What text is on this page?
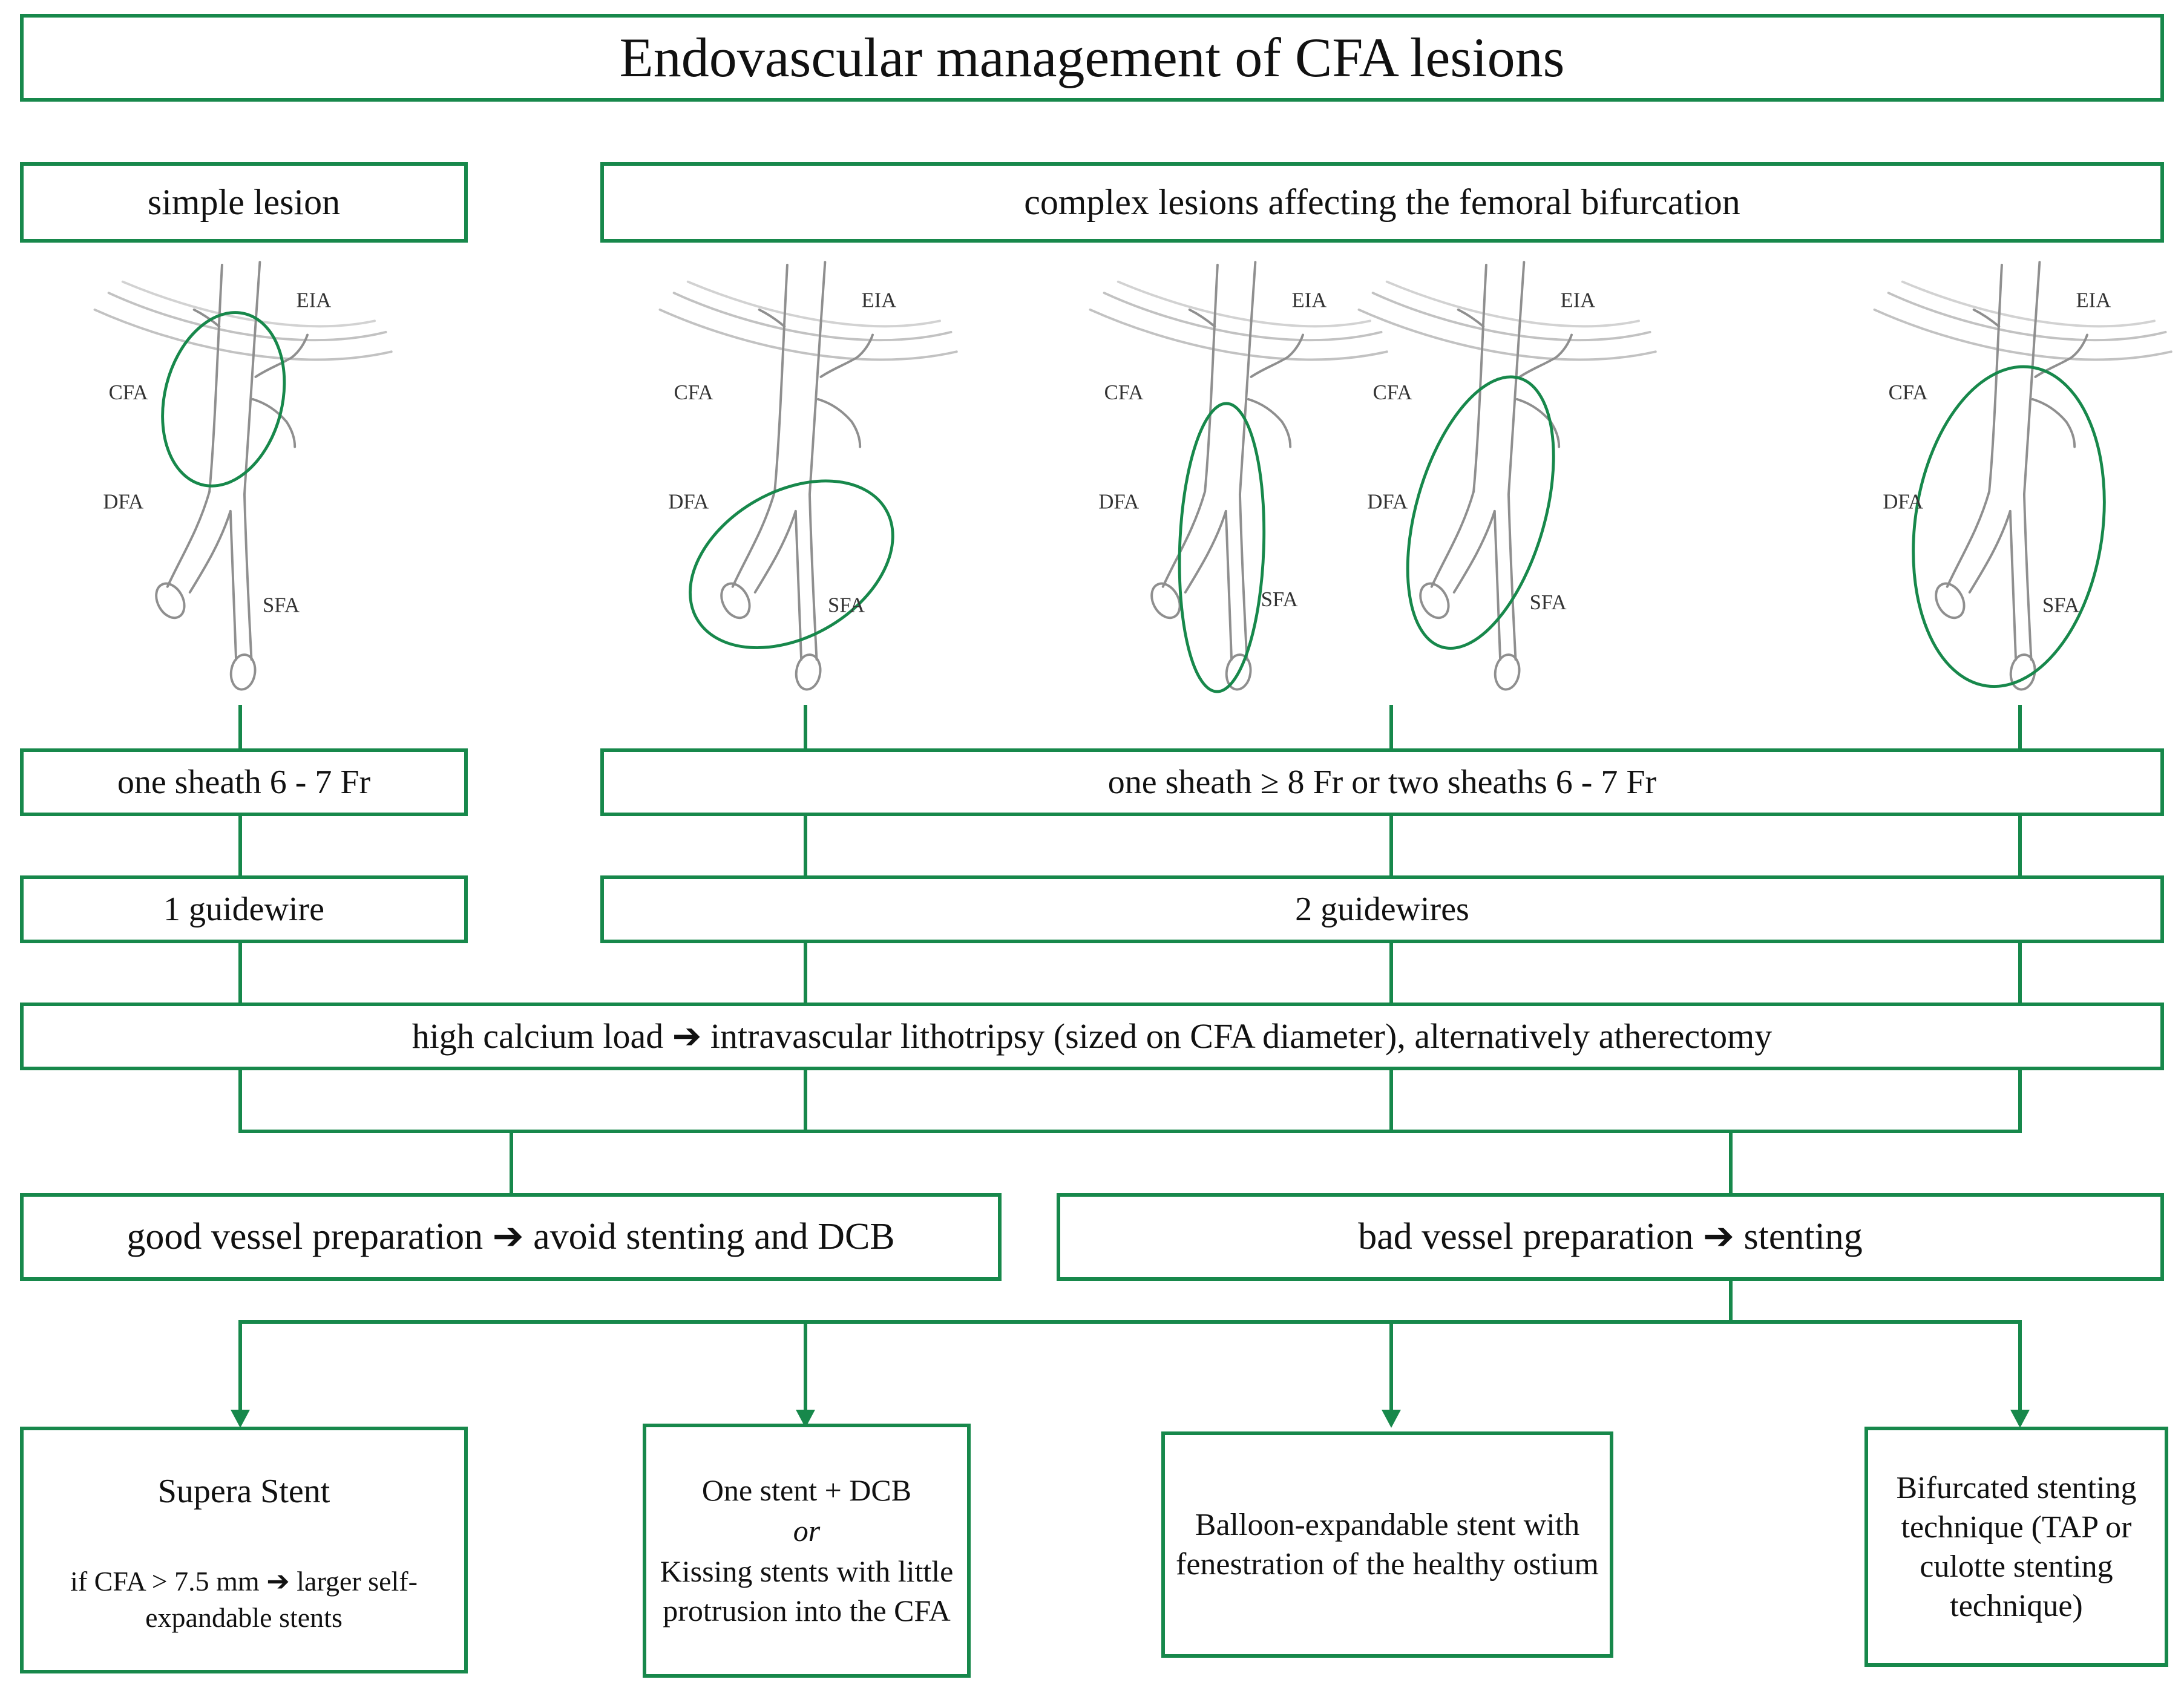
Endovascular management of CFA lesions
simple lesion	complex lesions affecting the femoral bifurcation
EIA
CFA
DFA
SFA
EIA
CFA
DFA
SFA
EIA
CFA
DFA
SFA
EIA
CFA
DFA
SFA
EIA
CFA
DFA
SFA
one sheath 6 - 7 Fr	one sheath ≥ 8 Fr or two sheaths 6 - 7 Fr
1 guidewire	2 guidewires
high calcium load ➔ intravascular lithotripsy (sized on CFA diameter), alternatively atherectomy
good vessel preparation ➔ avoid stenting and DCB	bad vessel preparation ➔ stenting
Supera Stent
if CFA > 7.5 mm ➔ larger self-expandable stents
One stent + DCB
or
Kissing stents with little protrusion into the CFA
Balloon-expandable stent with fenestration of the healthy ostium
Bifurcated stenting technique (TAP or culotte stenting technique)
